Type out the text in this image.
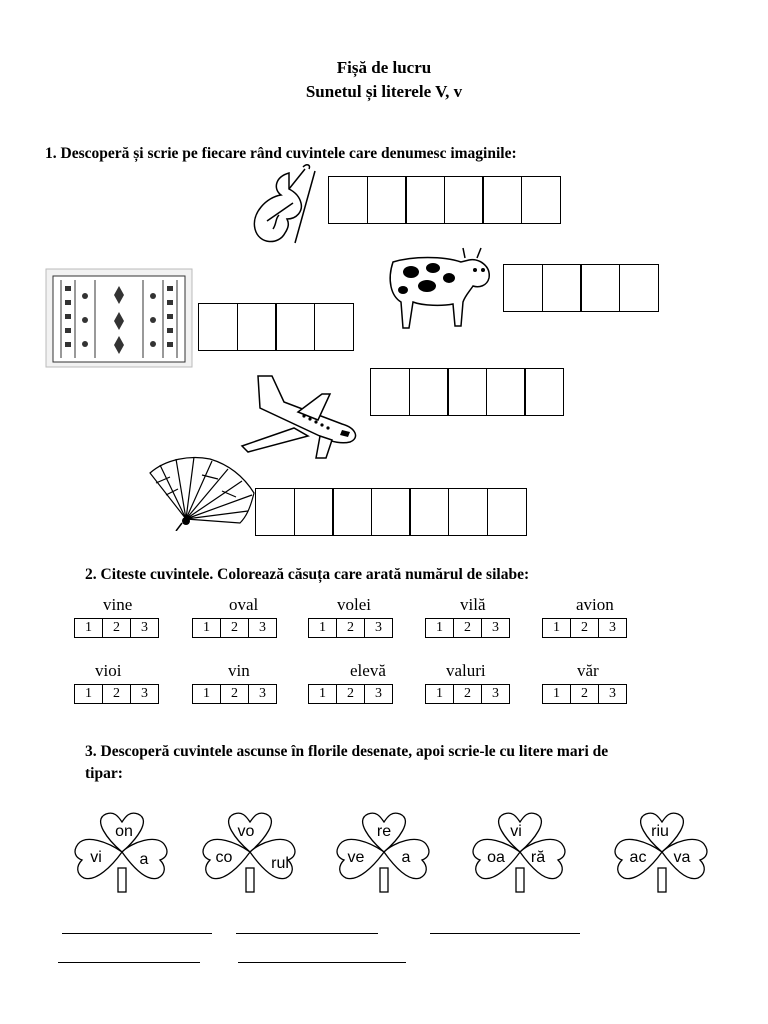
Fișă de lucru
Sunetul și literele V, v
1. Descoperă și scrie pe fiecare rând cuvintele care denumesc imaginile:
2. Citeste cuvintele. Colorează căsuța care arată numărul de silabe:
vine	oval	volei	vilă	avion
1	2	3	1	2	3	1	2	3	1	2	3	1	2	3
vioi	vin	elevă	valuri	văr
1	2	3	1	2	3	1	2	3	1	2	3	1	2	3
3. Descoperă cuvintele ascunse în florile desenate, apoi scrie-le cu litere mari de
tipar:
on
vi a
vo
co rul
re
ve a
vi
oa ră
riu
ac va
